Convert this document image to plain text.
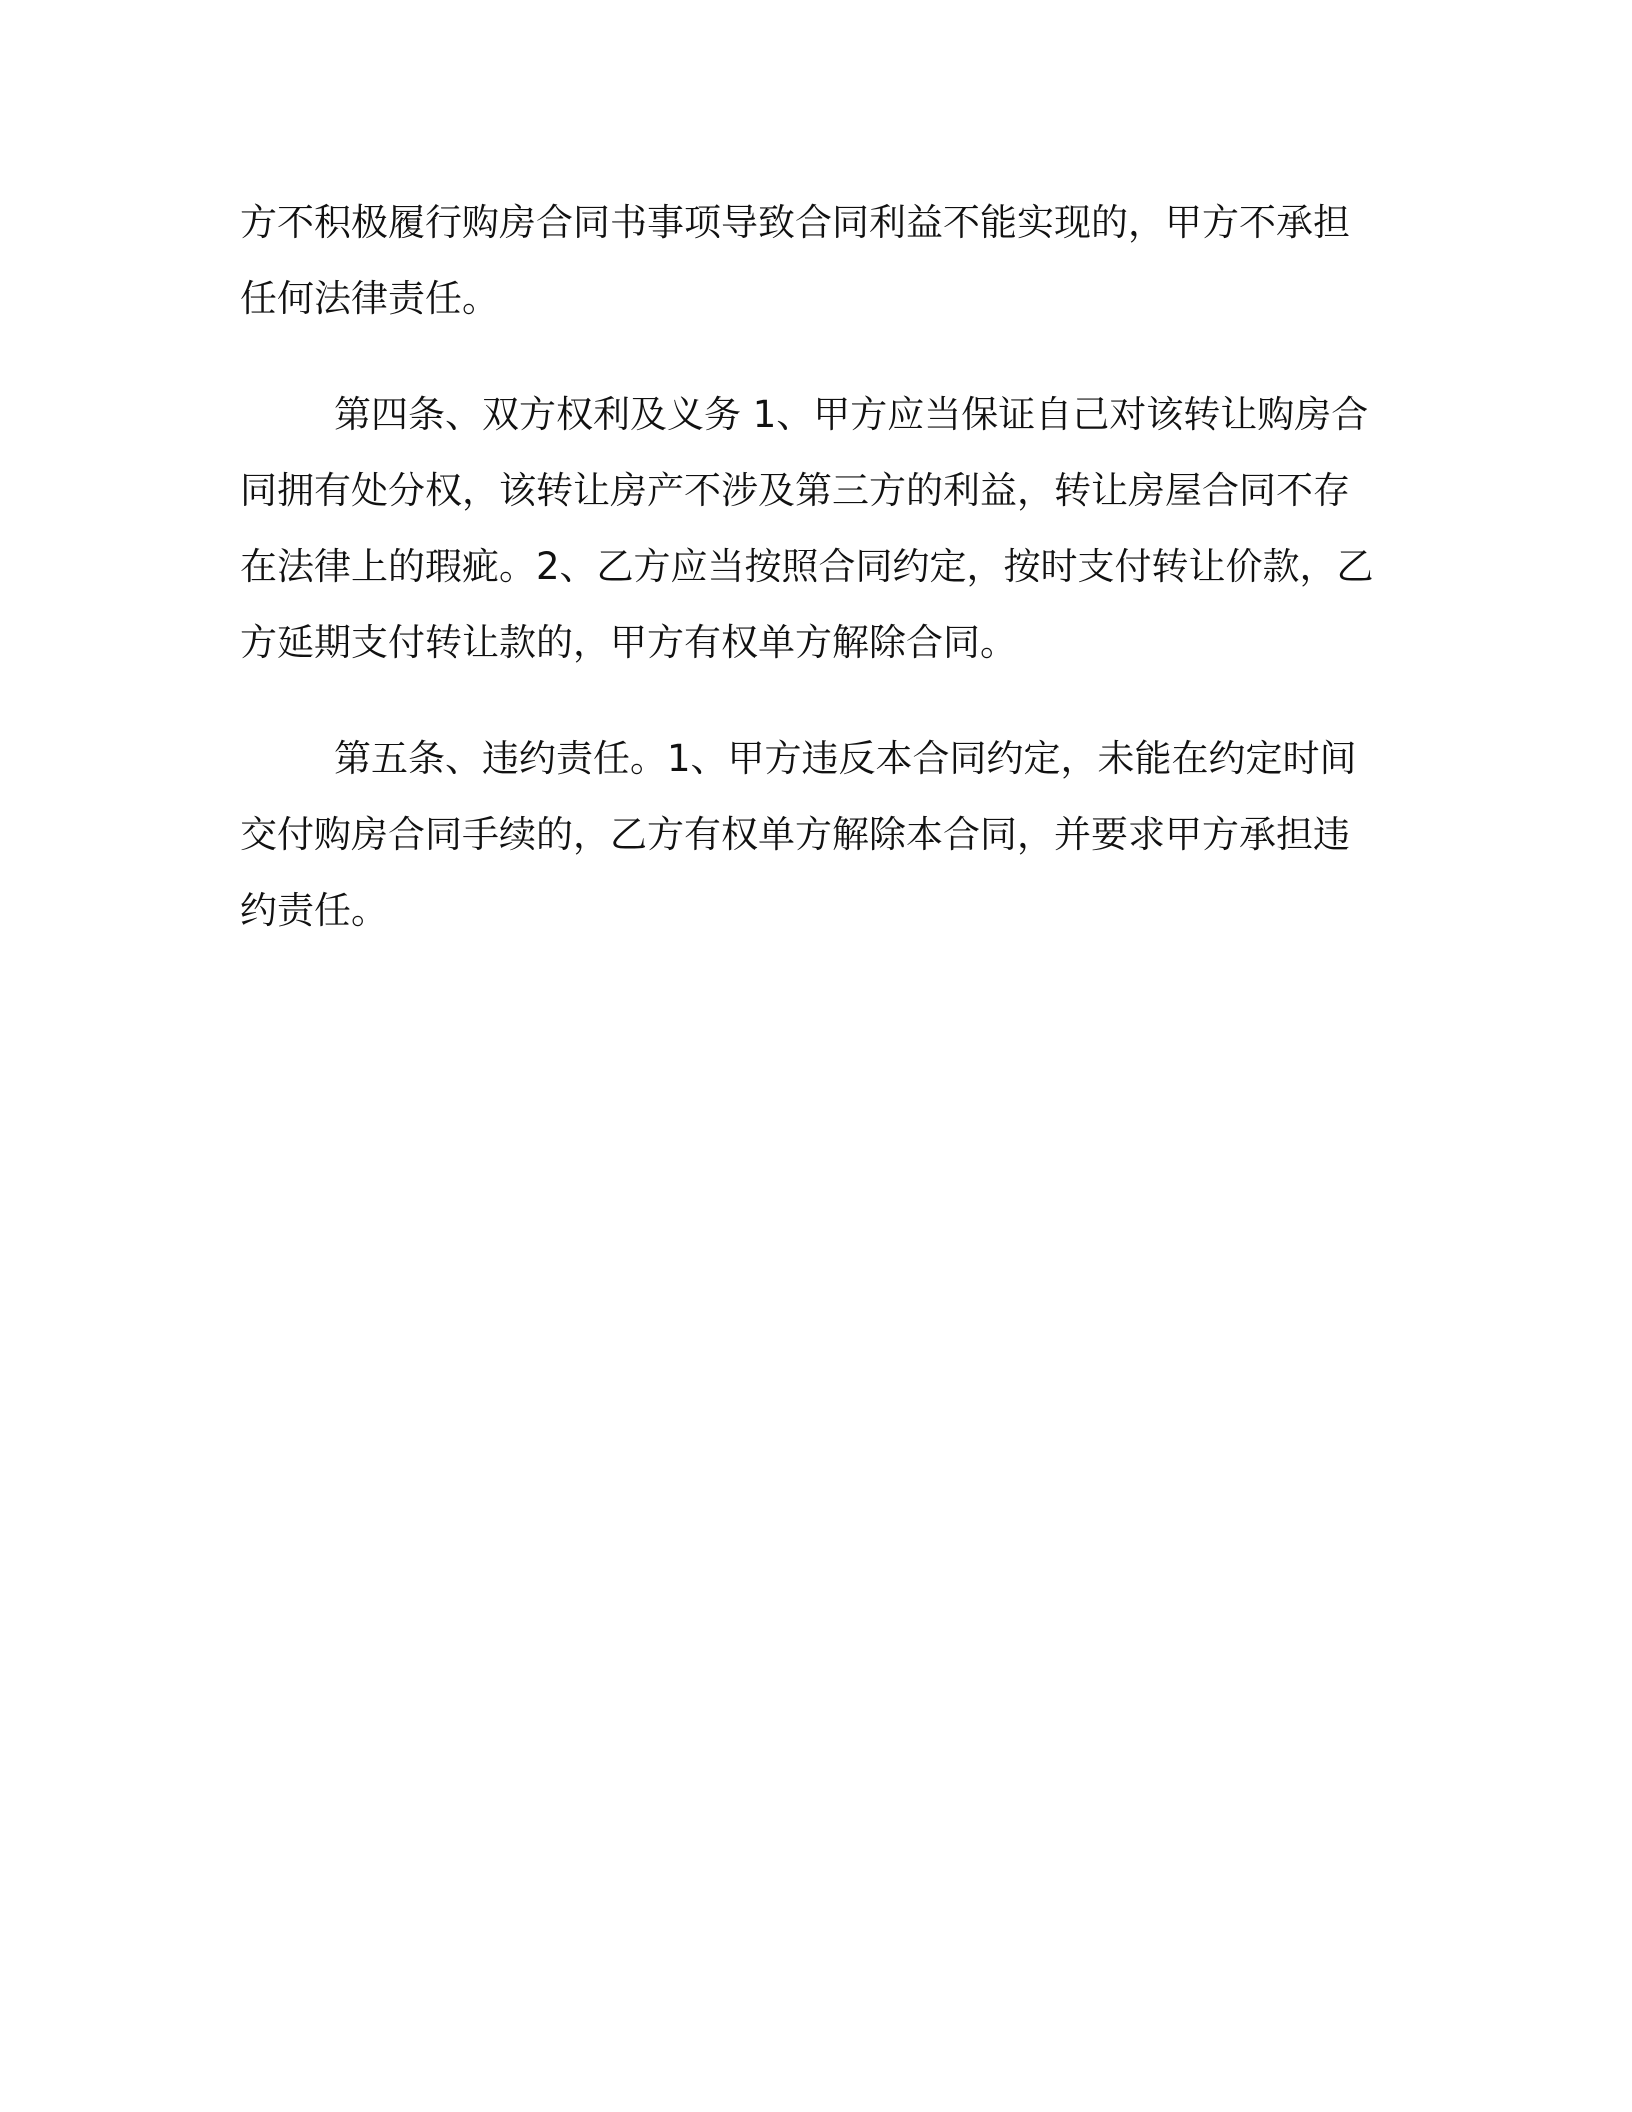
方不积极履行购房合同书事项导致合同利益不能实现的，甲方不承担任何法律责任。

第四条、双方权利及义务 1、甲方应当保证自己对该转让购房合同拥有处分权，该转让房产不涉及第三方的利益，转让房屋合同不存在法律上的瑕疵。2、乙方应当按照合同约定，按时支付转让价款，乙方延期支付转让款的，甲方有权单方解除合同。

第五条、违约责任。1、甲方违反本合同约定，未能在约定时间交付购房合同手续的，乙方有权单方解除本合同，并要求甲方承担违约责任。
